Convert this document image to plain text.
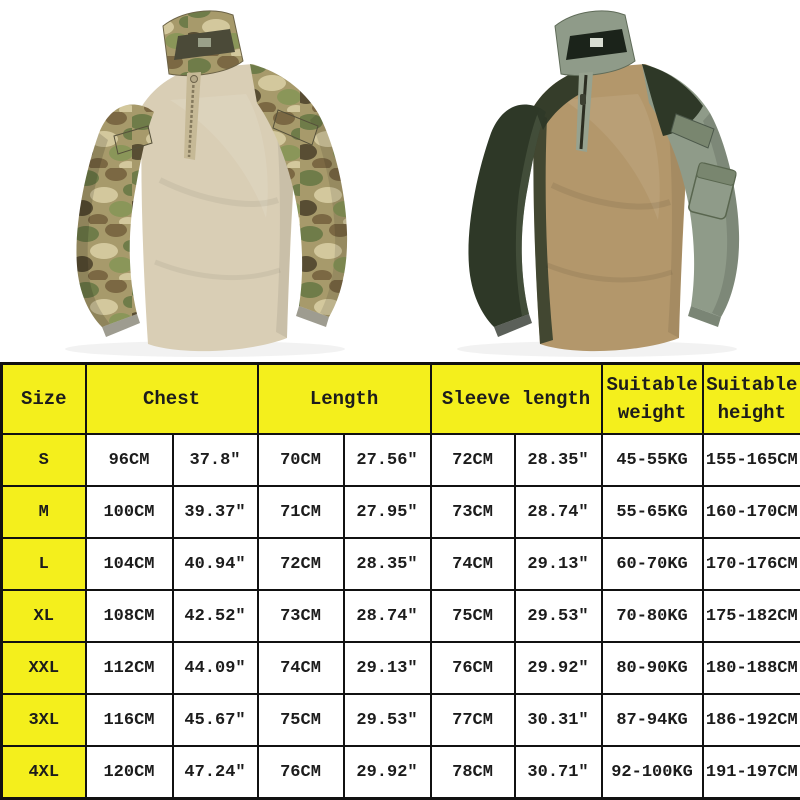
Size	Chest		Length		Sleeve length		Suitable weight	Suitable height
S	96CM	37.8″	70CM	27.56″	72CM	28.35″	45-55KG	155-165CM
M	100CM	39.37″	71CM	27.95″	73CM	28.74″	55-65KG	160-170CM
L	104CM	40.94″	72CM	28.35″	74CM	29.13″	60-70KG	170-176CM
XL	108CM	42.52″	73CM	28.74″	75CM	29.53″	70-80KG	175-182CM
XXL	112CM	44.09″	74CM	29.13″	76CM	29.92″	80-90KG	180-188CM
3XL	116CM	45.67″	75CM	29.53″	77CM	30.31″	87-94KG	186-192CM
4XL	120CM	47.24″	76CM	29.92″	78CM	30.71″	92-100KG	191-197CM
